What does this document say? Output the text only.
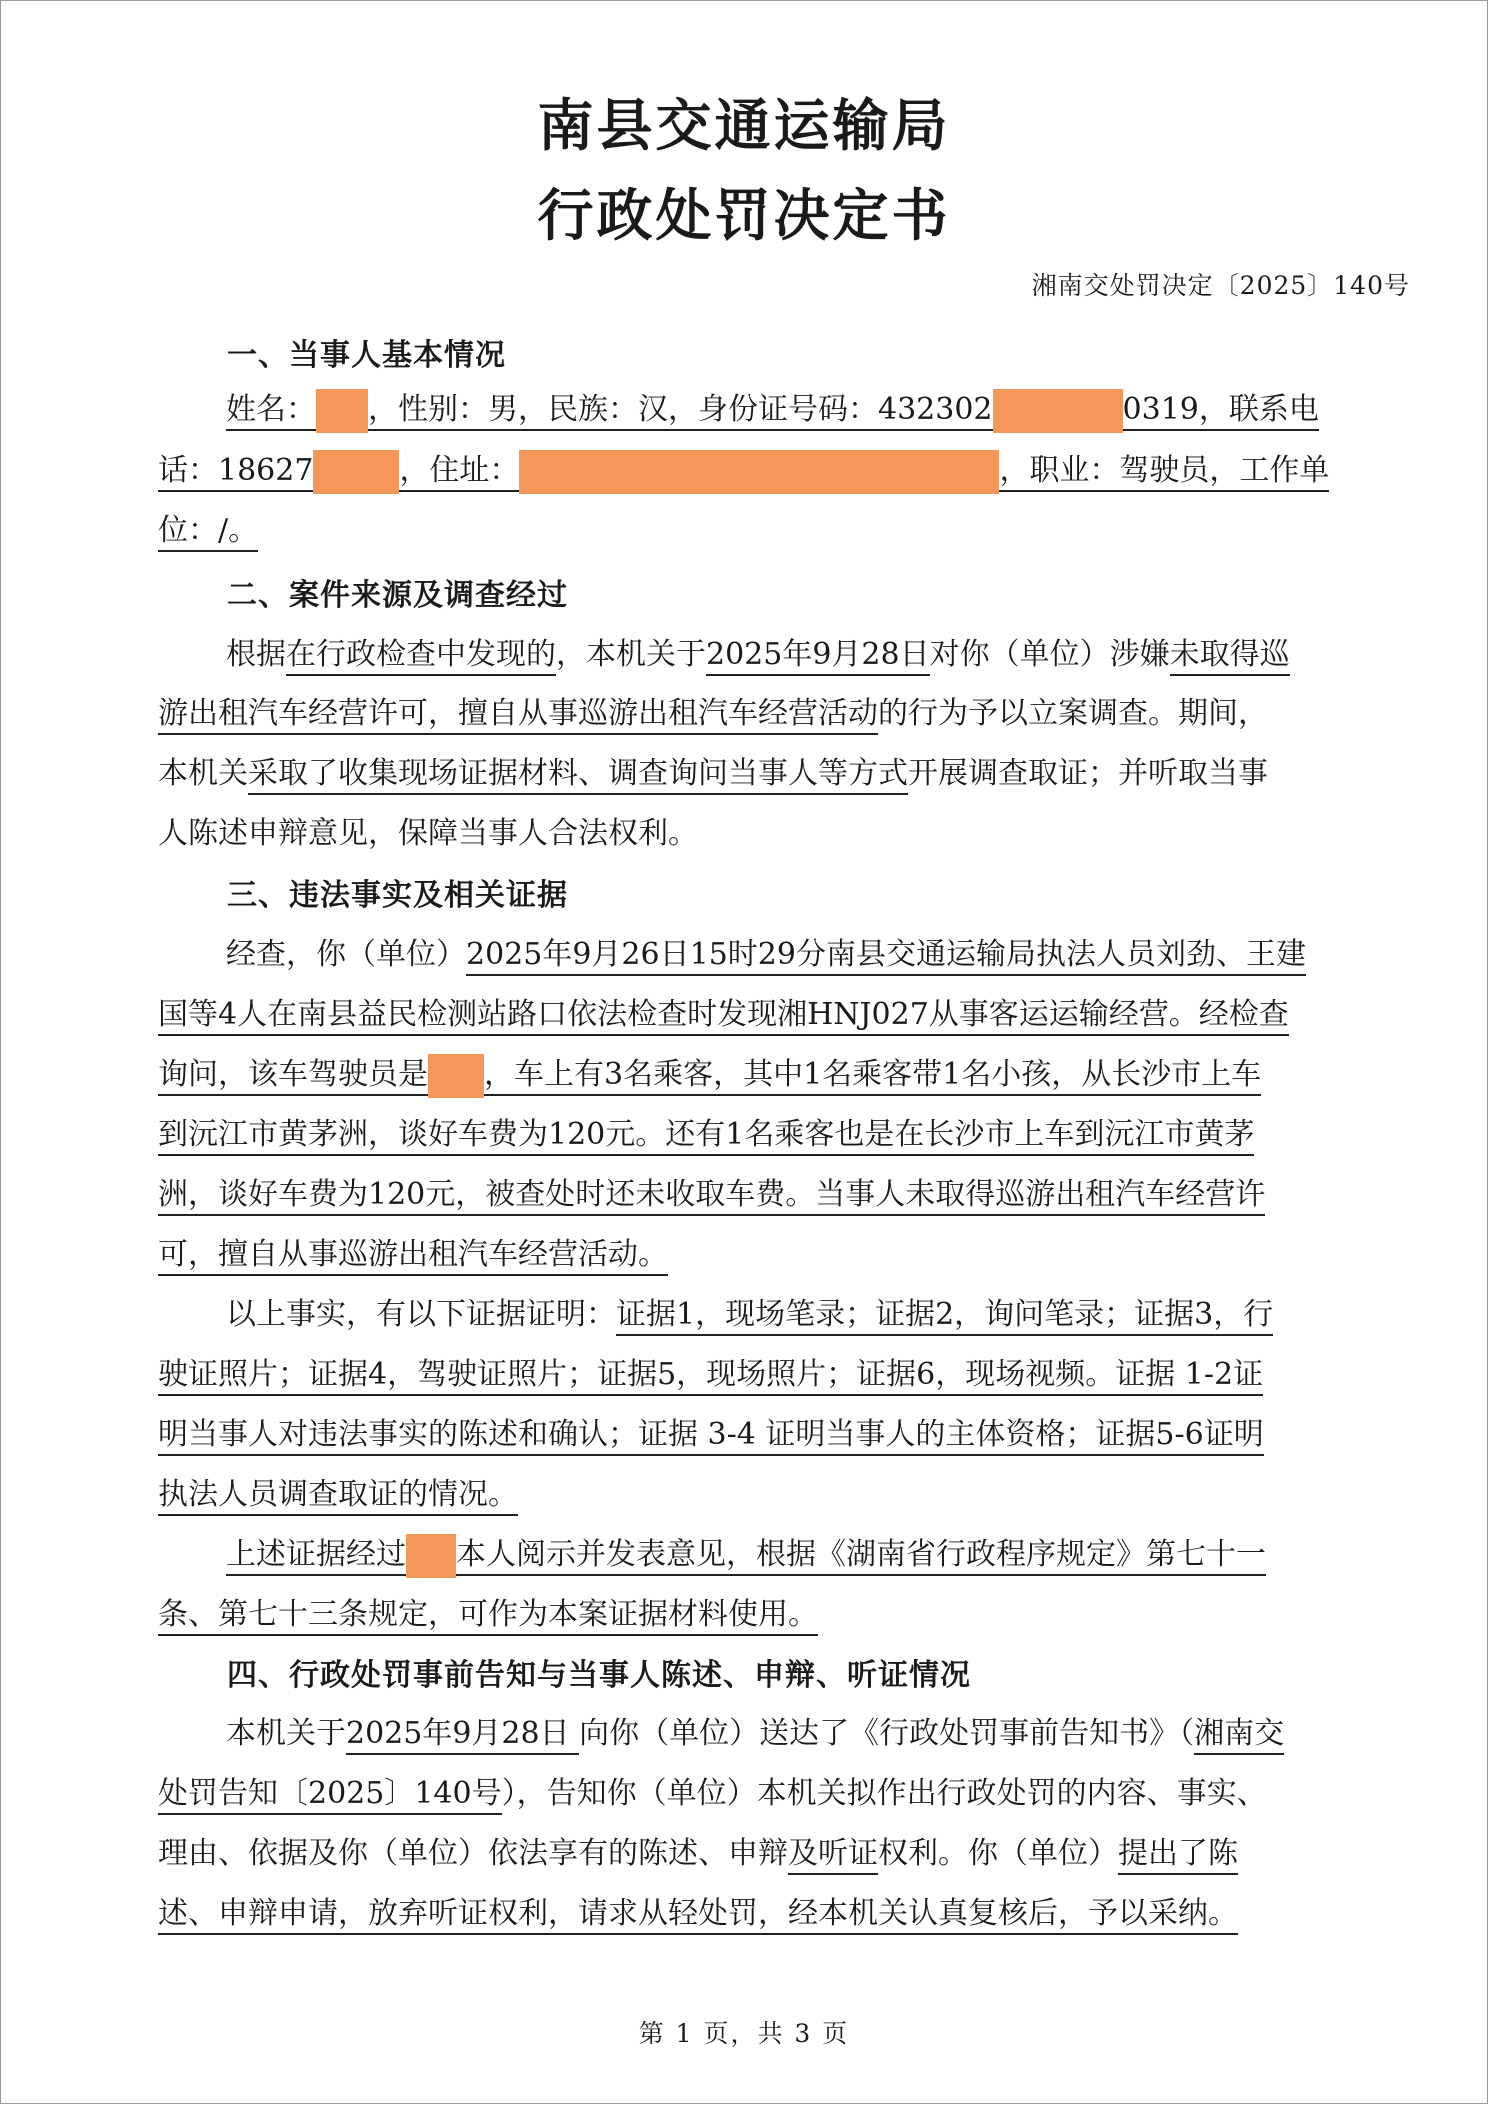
南县交通运输局
行政处罚决定书
湘南交处罚决定〔2025〕140号
一、当事人基本情况
姓名： ，性别：男，民族：汉，身份证号码：432302	0319，联系电
话：18627	，住址：	，职业：驾驶员，工作单
位：/。
二、案件来源及调查经过
根据在行政检查中发现的，本机关于2025年9月28日对你（单位）涉嫌未取得巡
游出租汽车经营许可，擅自从事巡游出租汽车经营活动的行为予以立案调查。期间，
本机关采取了收集现场证据材料、调查询问当事人等方式开展调查取证；并听取当事
人陈述申辩意见，保障当事人合法权利。
三、违法事实及相关证据
经查，你（单位）2025年9月26日15时29分南县交通运输局执法人员刘劲、王建
国等4人在南县益民检测站路口依法检查时发现湘HNJ027从事客运运输经营。经检查
询问，该车驾驶员是 ，车上有3名乘客，其中1名乘客带1名小孩，从长沙市上车
到沅江市黄茅洲，谈好车费为120元。还有1名乘客也是在长沙市上车到沅江市黄茅
洲，谈好车费为120元，被查处时还未收取车费。当事人未取得巡游出租汽车经营许
可，擅自从事巡游出租汽车经营活动。
以上事实，有以下证据证明：证据1，现场笔录；证据2，询问笔录；证据3，行
驶证照片；证据4，驾驶证照片；证据5，现场照片；证据6，现场视频。证据 1-2证
明当事人对违法事实的陈述和确认；证据 3-4 证明当事人的主体资格；证据5-6证明
执法人员调查取证的情况。
上述证据经过 本人阅示并发表意见，根据《湖南省行政程序规定》第七十一
条、第七十三条规定，可作为本案证据材料使用。
四、行政处罚事前告知与当事人陈述、申辩、听证情况
本机关于2025年9月28日 向你（单位）送达了《行政处罚事前告知书》（湘南交
处罚告知〔2025〕140号），告知你（单位）本机关拟作出行政处罚的内容、事实、
理由、依据及你（单位）依法享有的陈述、申辩及听证权利。你（单位）提出了陈
述、申辩申请，放弃听证权利，请求从轻处罚，经本机关认真复核后，予以采纳。
第 1 页，共 3 页
